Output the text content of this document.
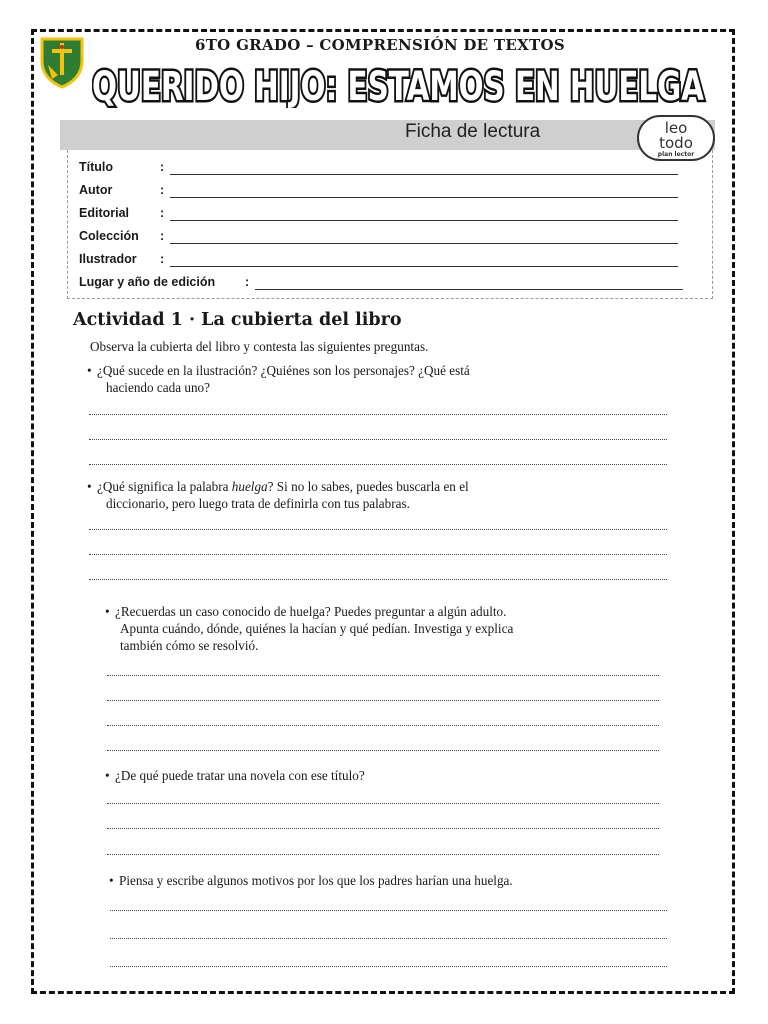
6TO GRADO – COMPRENSIÓN DE TEXTOS
QUERIDO HIJO: ESTAMOS EN HUELGA
Ficha de lectura	leo
todo
plan lector
Título	:
Autor	:
Editorial :
Colección :
Ilustrador :
Lugar y año de edición :
Actividad 1 · La cubierta del libro
Observa la cubierta del libro y contesta las siguientes preguntas.
• ¿Qué sucede en la ilustración? ¿Quiénes son los personajes? ¿Qué está
haciendo cada uno?
• ¿Qué significa la palabra huelga? Si no lo sabes, puedes buscarla en el
diccionario, pero luego trata de definirla con tus palabras.
• ¿Recuerdas un caso conocido de huelga? Puedes preguntar a algún adulto.
Apunta cuándo, dónde, quiénes la hacían y qué pedían. Investiga y explica
también cómo se resolvió.
• ¿De qué puede tratar una novela con ese título?
• Piensa y escribe algunos motivos por los que los padres harían una huelga.
